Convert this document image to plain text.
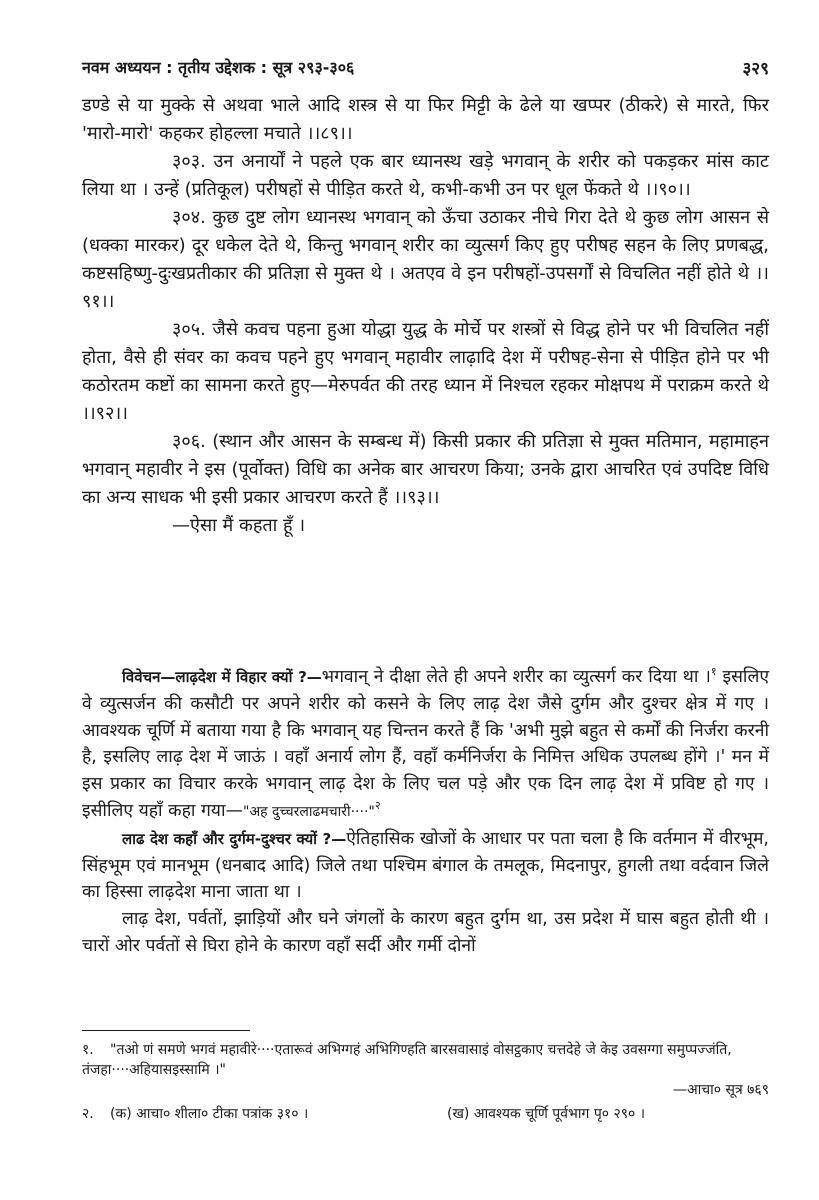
नवम अध्ययन : तृतीय उद्देशक : सूत्र २९३-३०६	३२९

डण्डे से या मुक्के से अथवा भाले आदि शस्त्र से या फिर मिट्टी के ढेले या खप्पर (ठीकरे) से मारते, फिर 'मारो-मारो' कहकर होहल्ला मचाते ।।८९।।

३०३. उन अनार्यों ने पहले एक बार ध्यानस्थ खड़े भगवान् के शरीर को पकड़कर मांस काट लिया था । उन्हें (प्रतिकूल) परीषहों से पीड़ित करते थे, कभी-कभी उन पर धूल फेंकते थे ।।९०।।

३०४. कुछ दुष्ट लोग ध्यानस्थ भगवान् को ऊँचा उठाकर नीचे गिरा देते थे कुछ लोग आसन से (धक्का मारकर) दूर धकेल देते थे, किन्तु भगवान् शरीर का व्युत्सर्ग किए हुए परीषह सहन के लिए प्रणबद्ध, कष्टसहिष्णु-दुःखप्रतीकार की प्रतिज्ञा से मुक्त थे । अतएव वे इन परीषहों-उपसर्गों से विचलित नहीं होते थे ।।९१।।

३०५. जैसे कवच पहना हुआ योद्धा युद्ध के मोर्चे पर शस्त्रों से विद्ध होने पर भी विचलित नहीं होता, वैसे ही संवर का कवच पहने हुए भगवान् महावीर लाढ़ादि देश में परीषह-सेना से पीड़ित होने पर भी कठोरतम कष्टों का सामना करते हुए—मेरुपर्वत की तरह ध्यान में निश्चल रहकर मोक्षपथ में पराक्रम करते थे ।।९२।।

३०६. (स्थान और आसन के सम्बन्ध में) किसी प्रकार की प्रतिज्ञा से मुक्त मतिमान, महामाहन भगवान् महावीर ने इस (पूर्वोक्त) विधि का अनेक बार आचरण किया; उनके द्वारा आचरित एवं उपदिष्ट विधि का अन्य साधक भी इसी प्रकार आचरण करते हैं ।।९३।।

—ऐसा मैं कहता हूँ ।

विवेचन—लाढ़देश में विहार क्यों ?—भगवान् ने दीक्षा लेते ही अपने शरीर का व्युत्सर्ग कर दिया था ।$^१$ इसलिए वे व्युत्सर्जन की कसौटी पर अपने शरीर को कसने के लिए लाढ़ देश जैसे दुर्गम और दुश्चर क्षेत्र में गए । आवश्यक चूर्णि में बताया गया है कि भगवान् यह चिन्तन करते हैं कि 'अभी मुझे बहुत से कर्मों की निर्जरा करनी है, इसलिए लाढ़ देश में जाऊं । वहाँ अनार्य लोग हैं, वहाँ कर्मनिर्जरा के निमित्त अधिक उपलब्ध होंगे ।' मन में इस प्रकार का विचार करके भगवान् लाढ़ देश के लिए चल पड़े और एक दिन लाढ़ देश में प्रविष्ट हो गए । इसीलिए यहाँ कहा गया—"अह दुच्चरलाढमचारी····"$^२$

लाढ देश कहाँ और दुर्गम-दुश्चर क्यों ?—ऐतिहासिक खोजों के आधार पर पता चला है कि वर्तमान में वीरभूम, सिंहभूम एवं मानभूम (धनबाद आदि) जिले तथा पश्चिम बंगाल के तमलूक, मिदनापुर, हुगली तथा वर्दवान जिले का हिस्सा लाढ़देश माना जाता था ।

लाढ़ देश, पर्वतों, झाड़ियों और घने जंगलों के कारण बहुत दुर्गम था, उस प्रदेश में घास बहुत होती थी । चारों ओर पर्वतों से घिरा होने के कारण वहाँ सर्दी और गर्मी दोनों

१. "तओ णं समणे भगवं महावीरे····एतारूवं अभिग्गहं अभिगिण्हति बारसवासाइं वोसट्ठकाए चत्तदेहे जे केइ उवसग्गा समुप्पज्जंति, तंजहा····अहियासइस्सामि ।"

—आचा० सूत्र ७६९

२. (क) आचा० शीला० टीका पत्रांक ३१० ।	(ख) आवश्यक चूर्णि पूर्वभाग पृ० २९० ।
